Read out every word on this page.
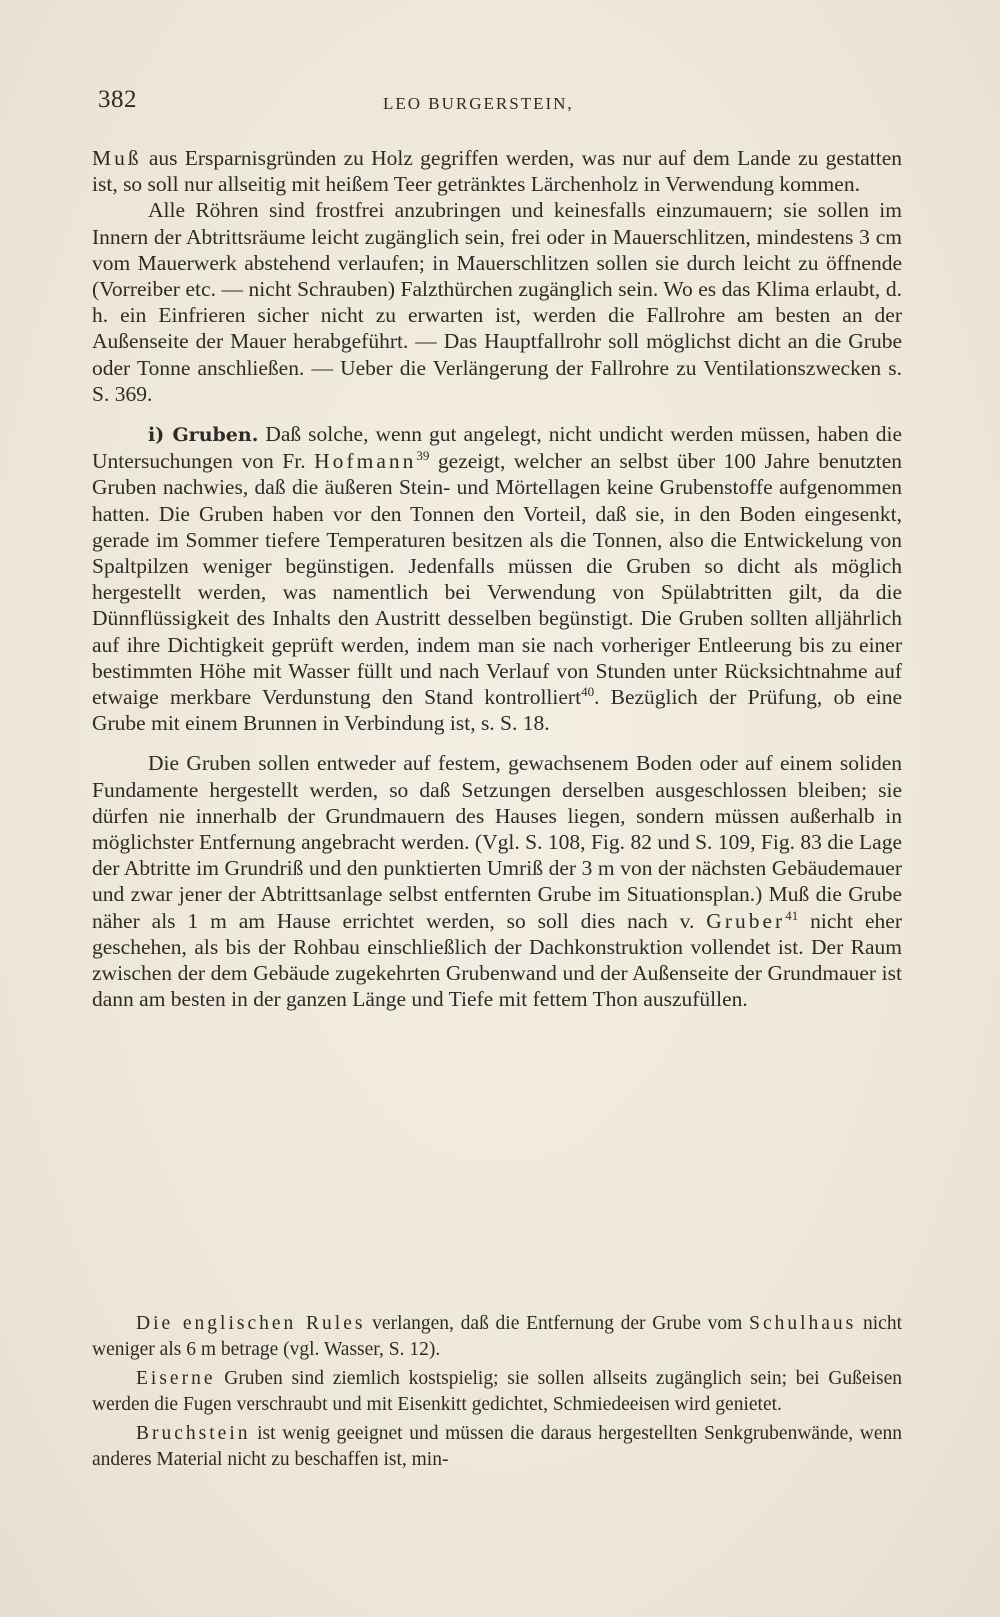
382	LEO BURGERSTEIN,

Muß aus Ersparnisgründen zu Holz gegriffen werden, was nur auf dem Lande zu gestatten ist, so soll nur allseitig mit heißem Teer getränktes Lärchenholz in Verwendung kommen.

Alle Röhren sind frostfrei anzubringen und keinesfalls einzumauern; sie sollen im Innern der Abtrittsräume leicht zugänglich sein, frei oder in Mauerschlitzen, mindestens 3 cm vom Mauerwerk abstehend verlaufen; in Mauerschlitzen sollen sie durch leicht zu öffnende (Vorreiber etc. — nicht Schrauben) Falzthürchen zugänglich sein. Wo es das Klima erlaubt, d. h. ein Einfrieren sicher nicht zu erwarten ist, werden die Fallrohre am besten an der Außenseite der Mauer herabgeführt. — Das Hauptfallrohr soll möglichst dicht an die Grube oder Tonne anschließen. — Ueber die Verlängerung der Fallrohre zu Ventilationszwecken s. S. 369.

i) Gruben. Daß solche, wenn gut angelegt, nicht undicht werden müssen, haben die Untersuchungen von Fr. Hofmann$^{39}$ gezeigt, welcher an selbst über 100 Jahre benutzten Gruben nachwies, daß die äußeren Stein- und Mörtellagen keine Grubenstoffe aufgenommen hatten. Die Gruben haben vor den Tonnen den Vorteil, daß sie, in den Boden eingesenkt, gerade im Sommer tiefere Temperaturen besitzen als die Tonnen, also die Entwickelung von Spaltpilzen weniger begünstigen. Jedenfalls müssen die Gruben so dicht als möglich hergestellt werden, was namentlich bei Verwendung von Spülabtritten gilt, da die Dünnflüssigkeit des Inhalts den Austritt desselben begünstigt. Die Gruben sollten alljährlich auf ihre Dichtigkeit geprüft werden, indem man sie nach vorheriger Entleerung bis zu einer bestimmten Höhe mit Wasser füllt und nach Verlauf von Stunden unter Rücksichtnahme auf etwaige merkbare Verdunstung den Stand kontrolliert$^{40}$. Bezüglich der Prüfung, ob eine Grube mit einem Brunnen in Verbindung ist, s. S. 18.

Die Gruben sollen entweder auf festem, gewachsenem Boden oder auf einem soliden Fundamente hergestellt werden, so daß Setzungen derselben ausgeschlossen bleiben; sie dürfen nie innerhalb der Grundmauern des Hauses liegen, sondern müssen außerhalb in möglichster Entfernung angebracht werden. (Vgl. S. 108, Fig. 82 und S. 109, Fig. 83 die Lage der Abtritte im Grundriß und den punktierten Umriß der 3 m von der nächsten Gebäudemauer und zwar jener der Abtrittsanlage selbst entfernten Grube im Situationsplan.) Muß die Grube näher als 1 m am Hause errichtet werden, so soll dies nach v. Gruber$^{41}$ nicht eher geschehen, als bis der Rohbau einschließlich der Dachkonstruktion vollendet ist. Der Raum zwischen der dem Gebäude zugekehrten Grubenwand und der Außenseite der Grundmauer ist dann am besten in der ganzen Länge und Tiefe mit fettem Thon auszufüllen.

Die englischen Rules verlangen, daß die Entfernung der Grube vom Schulhaus nicht weniger als 6 m betrage (vgl. Wasser, S. 12).

Eiserne Gruben sind ziemlich kostspielig; sie sollen allseits zugänglich sein; bei Gußeisen werden die Fugen verschraubt und mit Eisenkitt gedichtet, Schmiedeeisen wird genietet.

Bruchstein ist wenig geeignet und müssen die daraus hergestellten Senkgrubenwände, wenn anderes Material nicht zu beschaffen ist, min-
